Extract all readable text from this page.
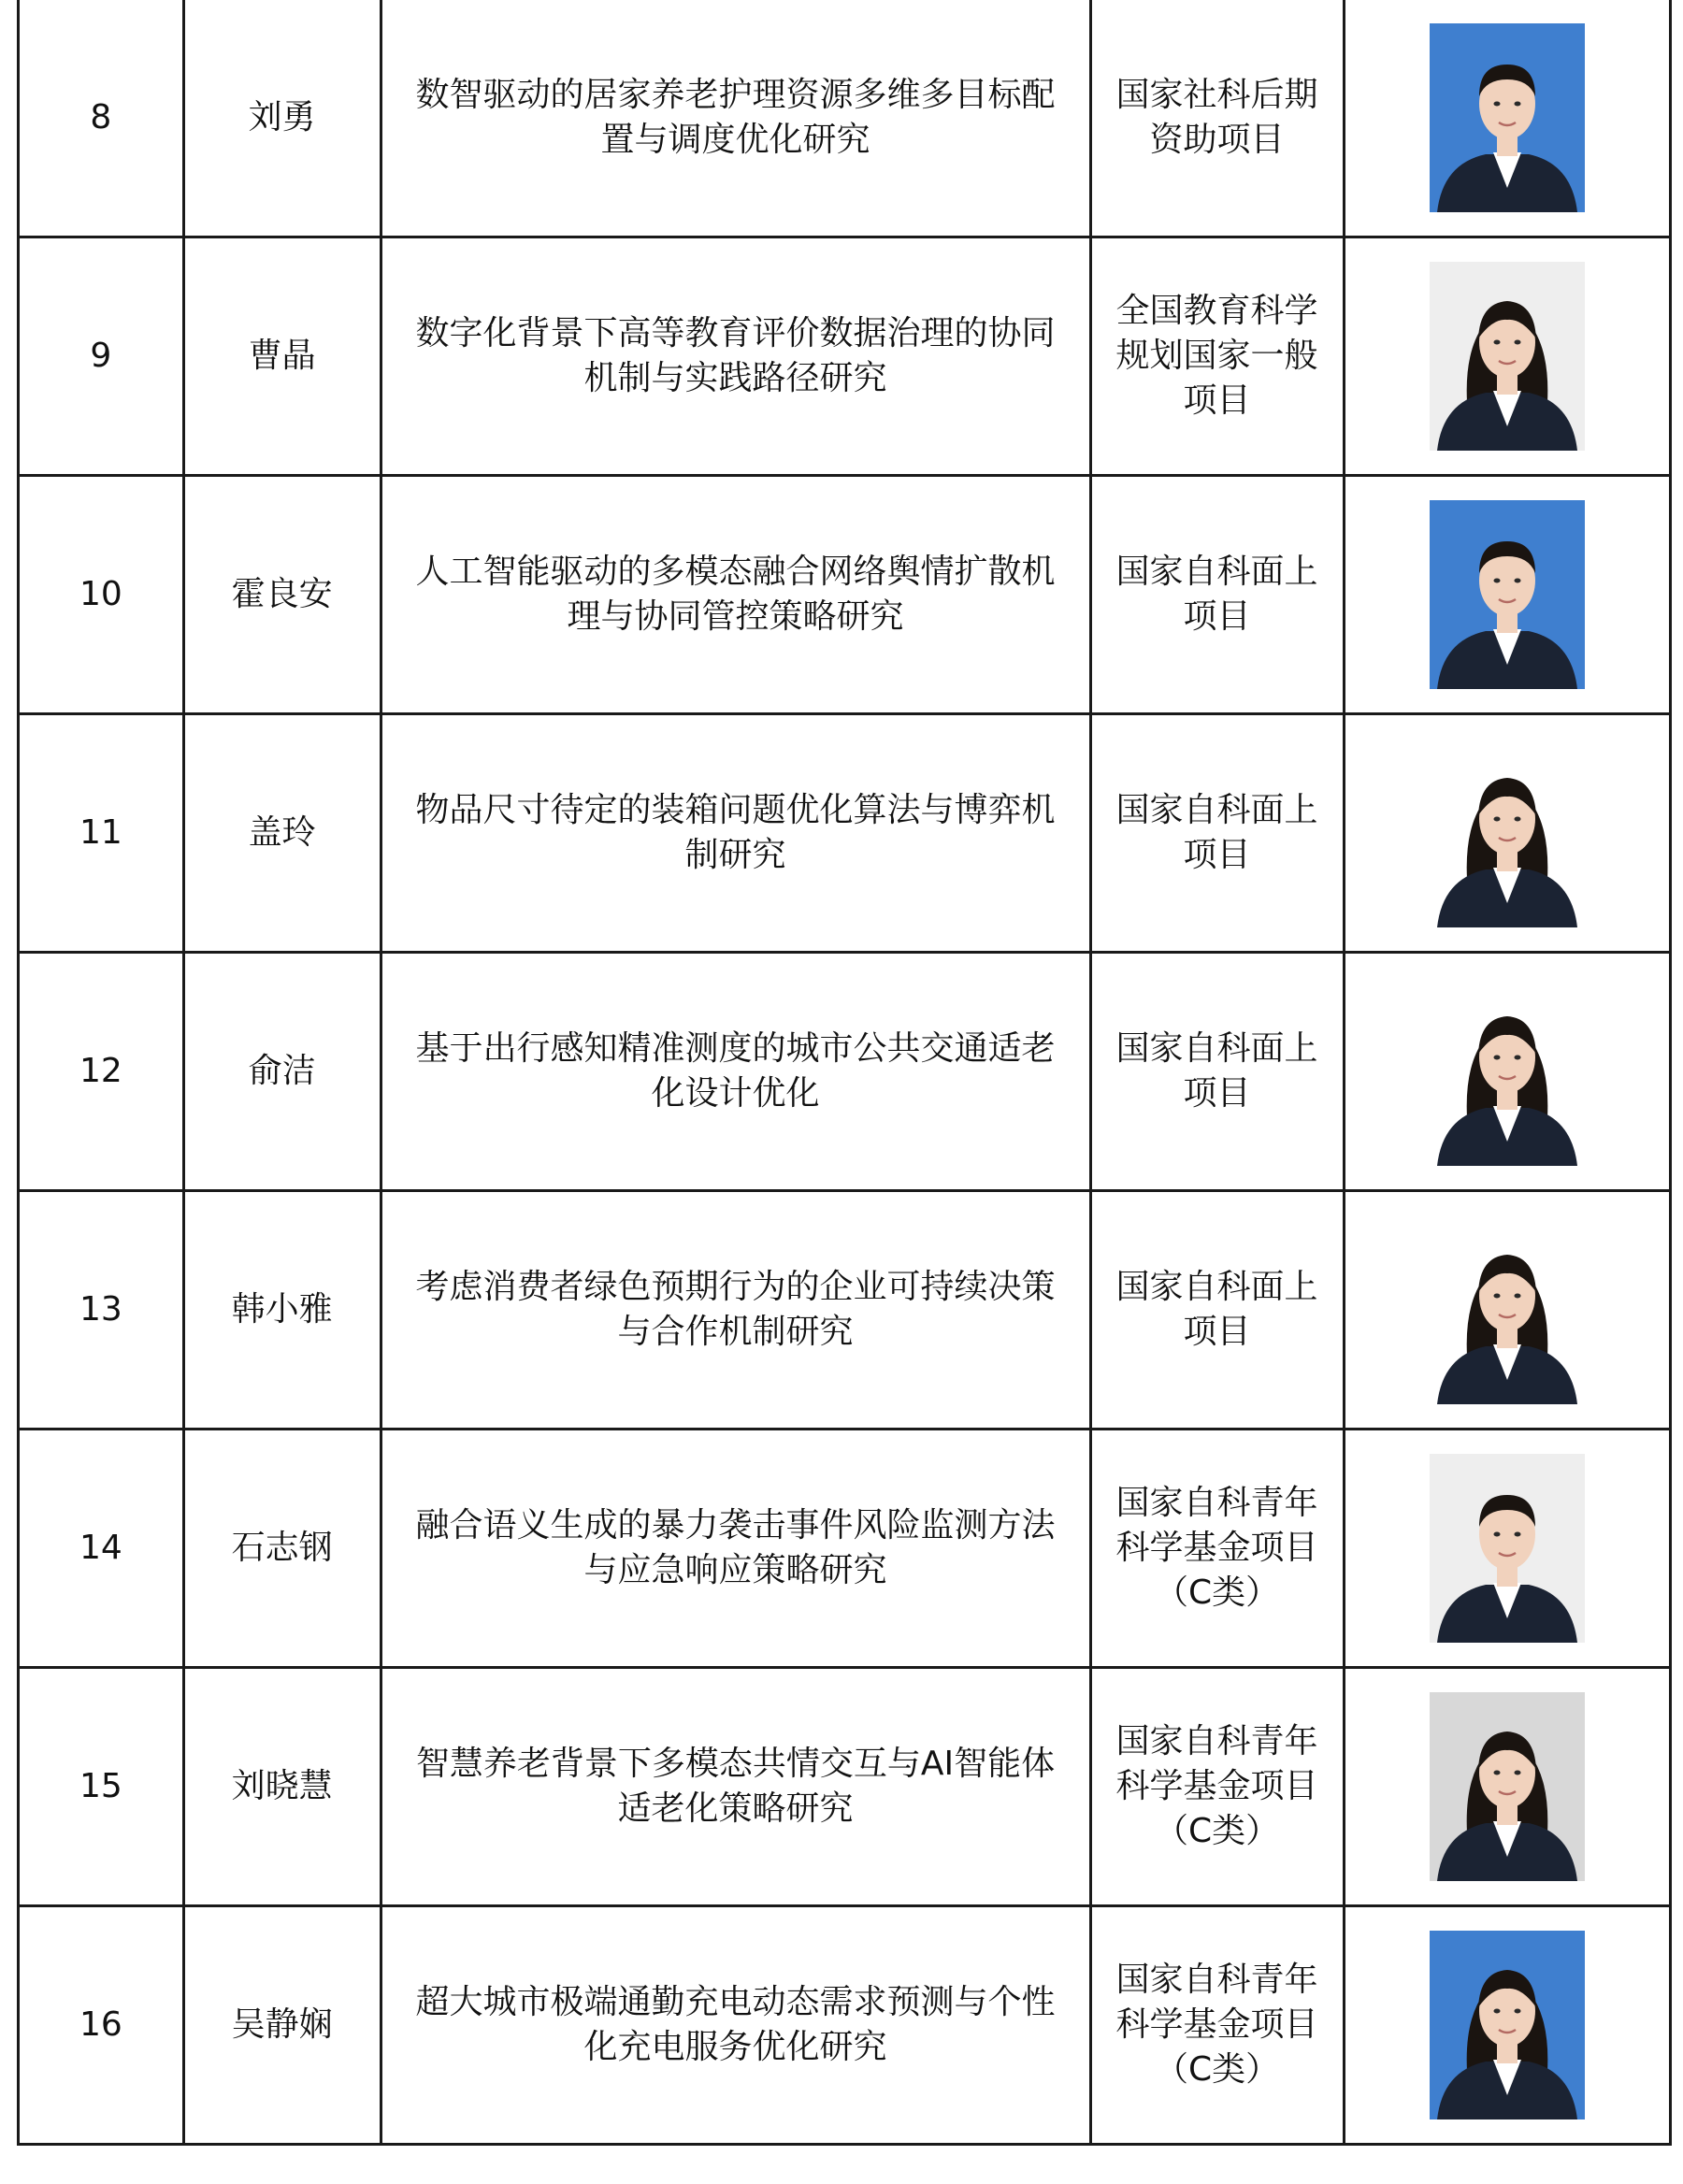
8	刘勇	数智驱动的居家养老护理资源多维多目标配置与调度优化研究	国家社科后期资助项目	

9	曹晶	数字化背景下高等教育评价数据治理的协同机制与实践路径研究	全国教育科学规划国家一般项目	

10	霍良安	人工智能驱动的多模态融合网络舆情扩散机理与协同管控策略研究	国家自科面上项目	

11	盖玲	物品尺寸待定的装箱问题优化算法与博弈机制研究	国家自科面上项目	

12	俞洁	基于出行感知精准测度的城市公共交通适老化设计优化	国家自科面上项目	

13	韩小雅	考虑消费者绿色预期行为的企业可持续决策与合作机制研究	国家自科面上项目	

14	石志钢	融合语义生成的暴力袭击事件风险监测方法与应急响应策略研究	国家自科青年科学基金项目（C类）	

15	刘晓慧	智慧养老背景下多模态共情交互与AI智能体适老化策略研究	国家自科青年科学基金项目（C类）	

16	吴静娴	超大城市极端通勤充电动态需求预测与个性化充电服务优化研究	国家自科青年科学基金项目（C类）	
